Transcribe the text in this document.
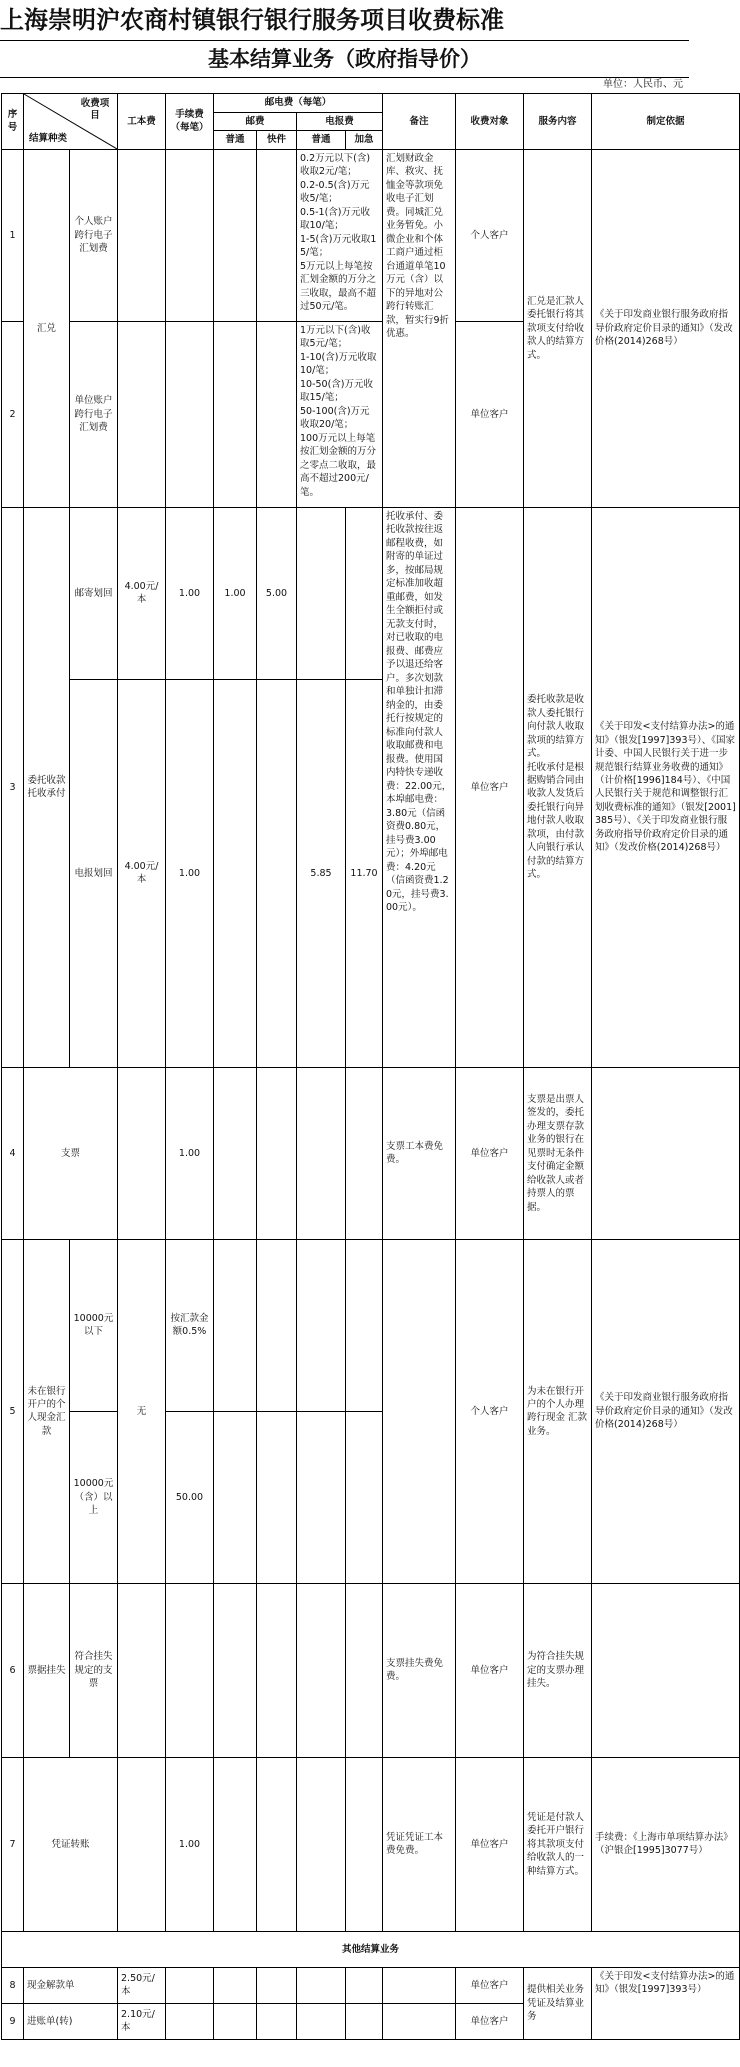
上海崇明沪农商村镇银行银行服务项目收费标准
基本结算业务（政府指导价）
单位：人民币、元
序号	收费项目
结算种类		工本费	手续费（每笔）	邮电费（每笔）				备注	收费对象	服务内容	制定依据
					邮费		电报费					
					普通	快件	普通	加急				
1	汇兑	个人账户跨行电子汇划费					0.2万元以下(含)收取2元/笔；
0.2-0.5(含)万元收5/笔；
0.5-1(含)万元收取10/笔；
1-5(含)万元收取15/笔；
5万元以上每笔按汇划金额的万分之三收取，最高不超过50元/笔。		汇划财政金库、救灾、抚恤金等款项免收电子汇划费。同城汇兑业务暂免。小微企业和个体工商户通过柜台通道单笔10万元（含）以下的异地对公跨行转账汇款，暂实行9折优惠。	个人客户	汇兑是汇款人委托银行将其款项支付给收款人的结算方式。	《关于印发商业银行服务政府指导价政府定价目录的通知》（发改价格(2014)268号）
2		单位账户跨行电子汇划费					1万元以下(含)收取5元/笔；
1-10(含)万元收取10/笔；
10-50(含)万元收取15/笔；
50-100(含)万元收取20/笔；
100万元以上每笔按汇划金额的万分之零点二收取，最高不超过200元/笔。			单位客户		
3	委托收款托收承付	邮寄划回	4.00元/本	1.00	1.00	5.00			托收承付、委托收款按往返邮程收费，如附寄的单证过多，按邮局规定标准加收超重邮费，如发生全额拒付或无款支付时，对已收取的电报费、邮费应予以退还给客户。多次划款和单独计扣滞纳金的，由委托行按规定的标准向付款人收取邮费和电报费。使用国内特快专递收费：22.00元，本埠邮电费：3.80元（信函资费0.80元，挂号费3.00元）；外埠邮电费：4.20元（信函资费1.20元，挂号费3.00元）。	单位客户	委托收款是收款人委托银行向付款人收取款项的结算方式。
托收承付是根据购销合同由收款人发货后委托银行向异地付款人收取款项，由付款人向银行承认付款的结算方式。	《关于印发<支付结算办法>的通知》（银发[1997]393号）、《国家计委、中国人民银行关于进一步规范银行结算业务收费的通知》（计价格[1996]184号）、《中国人民银行关于规范和调整银行汇划收费标准的通知》（银发[2001]385号）、《关于印发商业银行服务政府指导价政府定价目录的通知》（发改价格(2014)268号）
		电报划回	4.00元/本	1.00			5.85	11.70				
4	支票			1.00					支票工本费免费。	单位客户	支票是出票人签发的，委托办理支票存款业务的银行在见票时无条件支付确定金额给收款人或者持票人的票据。	
5	未在银行开户的个人现金汇款	10000元以下	无	按汇款金额0.5%						个人客户	为未在银行开户的个人办理跨行现金 汇款业务。	《关于印发商业银行服务政府指导价政府定价目录的通知》（发改价格(2014)268号）
		10000元（含）以上		50.00								
6	票据挂失	符合挂失规定的支票							支票挂失费免费。	单位客户	为符合挂失规定的支票办理挂失。	
7	凭证转账			1.00					凭证凭证工本费免费。	单位客户	凭证是付款人委托开户银行将其款项支付给收款人的一种结算方式。	手续费：《上海市单项结算办法》（沪银企[1995]3077号）
其他结算业务												
8	现金解款单		2.50元/本							单位客户	提供相关业务凭证及结算业务	《关于印发<支付结算办法>的通知》（银发[1997]393号）
9	进账单(转)		2.10元/本							单位客户		
